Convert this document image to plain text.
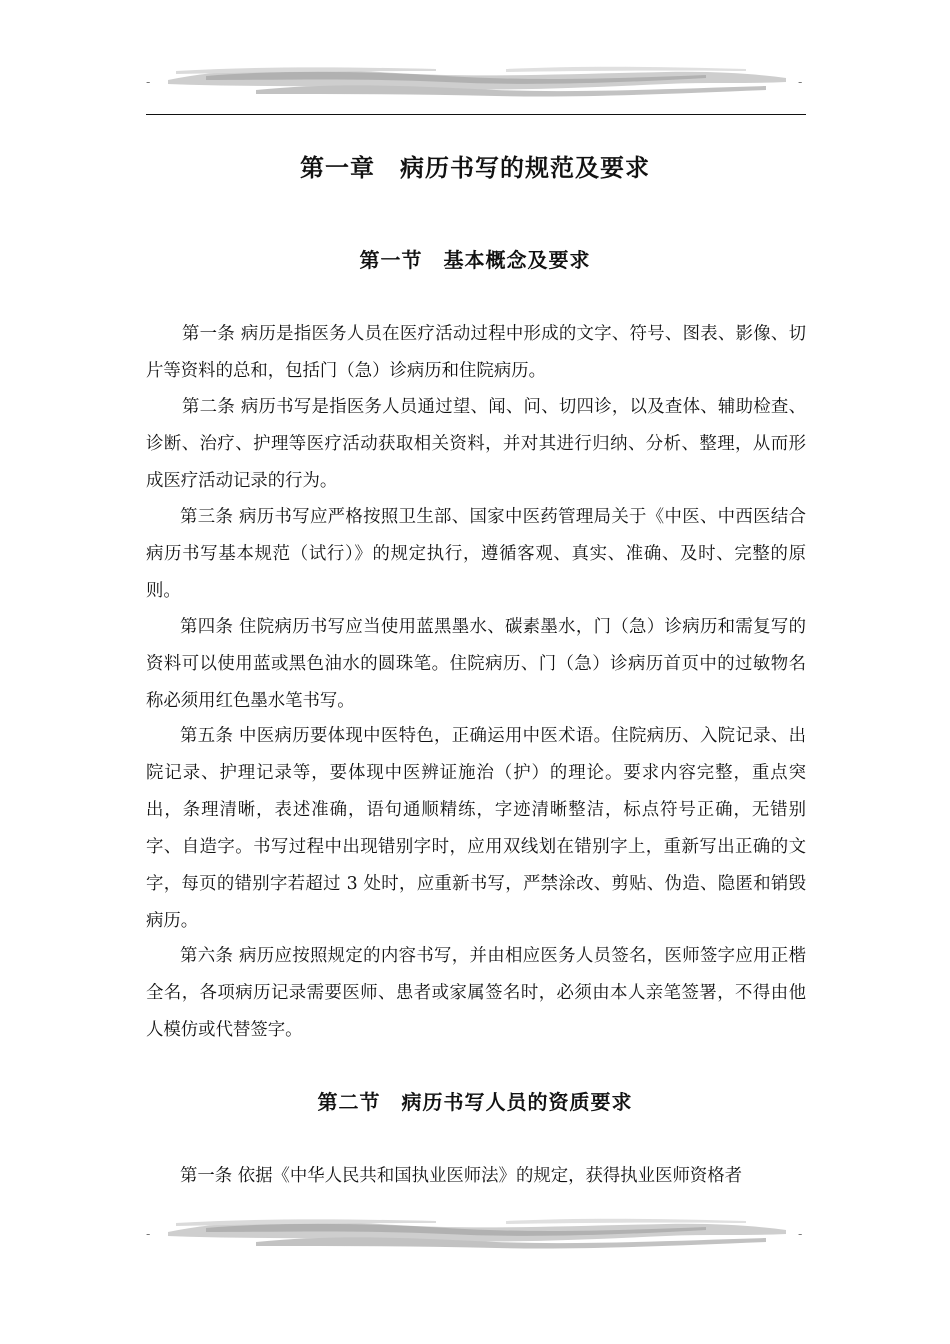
-	-
第一章　病历书写的规范及要求
第一节　基本概念及要求

第一条 病历是指医务人员在医疗活动过程中形成的文字、符号、图表、影像、切片等资料的总和，包括门（急）诊病历和住院病历。

第二条 病历书写是指医务人员通过望、闻、问、切四诊，以及查体、辅助检查、诊断、治疗、护理等医疗活动获取相关资料，并对其进行归纳、分析、整理，从而形成医疗活动记录的行为。

第三条 病历书写应严格按照卫生部、国家中医药管理局关于《中医、中西医结合病历书写基本规范（试行）》的规定执行，遵循客观、真实、准确、及时、完整的原则。

第四条 住院病历书写应当使用蓝黑墨水、碳素墨水，门（急）诊病历和需复写的资料可以使用蓝或黑色油水的圆珠笔。住院病历、门（急）诊病历首页中的过敏物名称必须用红色墨水笔书写。

第五条 中医病历要体现中医特色，正确运用中医术语。住院病历、入院记录、出院记录、护理记录等，要体现中医辨证施治（护）的理论。要求内容完整，重点突出，条理清晰，表述准确，语句通顺精练，字迹清晰整洁，标点符号正确，无错别字、自造字。书写过程中出现错别字时，应用双线划在错别字上，重新写出正确的文字，每页的错别字若超过 3 处时，应重新书写，严禁涂改、剪贴、伪造、隐匿和销毁病历。

第六条 病历应按照规定的内容书写，并由相应医务人员签名，医师签字应用正楷全名，各项病历记录需要医师、患者或家属签名时，必须由本人亲笔签署，不得由他人模仿或代替签字。

第二节　病历书写人员的资质要求

第一条 依据《中华人民共和国执业医师法》的规定，获得执业医师资格者

-	-
